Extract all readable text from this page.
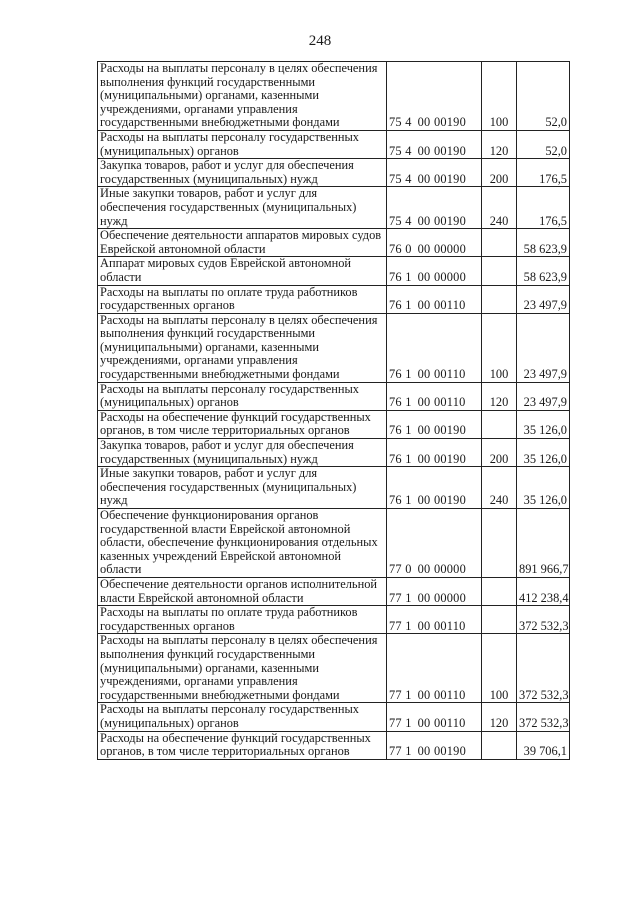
248
Расходы на выплаты персоналу в целях обеспечения выполнения функций государственными (муниципальными) органами, казенными учреждениями, органами управления государственными внебюджетными фондами	75 4 00 00190	100	52,0
Расходы на выплаты персоналу государственных (муниципальных) органов	75 4 00 00190	120	52,0
Закупка товаров, работ и услуг для обеспечения государственных (муниципальных) нужд	75 4 00 00190	200	176,5
Иные закупки товаров, работ и услуг для обеспечения государственных (муниципальных) нужд	75 4 00 00190	240	176,5
Обеспечение деятельности аппаратов мировых судов Еврейской автономной области	76 0 00 00000		58 623,9
Аппарат мировых судов Еврейской автономной области	76 1 00 00000		58 623,9
Расходы на выплаты по оплате труда работников государственных органов	76 1 00 00110		23 497,9
Расходы на выплаты персоналу в целях обеспечения выполнения функций государственными (муниципальными) органами, казенными учреждениями, органами управления государственными внебюджетными фондами	76 1 00 00110	100	23 497,9
Расходы на выплаты персоналу государственных (муниципальных) органов	76 1 00 00110	120	23 497,9
Расходы на обеспечение функций государственных органов, в том числе территориальных органов	76 1 00 00190		35 126,0
Закупка товаров, работ и услуг для обеспечения государственных (муниципальных) нужд	76 1 00 00190	200	35 126,0
Иные закупки товаров, работ и услуг для обеспечения государственных (муниципальных) нужд	76 1 00 00190	240	35 126,0
Обеспечение функционирования органов государственной власти Еврейской автономной области, обеспечение функционирования отдельных казенных учреждений Еврейской автономной области	77 0 00 00000		891 966,7
Обеспечение деятельности органов исполнительной власти Еврейской автономной области	77 1 00 00000		412 238,4
Расходы на выплаты по оплате труда работников государственных органов	77 1 00 00110		372 532,3
Расходы на выплаты персоналу в целях обеспечения выполнения функций государственными (муниципальными) органами, казенными учреждениями, органами управления государственными внебюджетными фондами	77 1 00 00110	100	372 532,3
Расходы на выплаты персоналу государственных (муниципальных) органов	77 1 00 00110	120	372 532,3
Расходы на обеспечение функций государственных органов, в том числе территориальных органов	77 1 00 00190		39 706,1
